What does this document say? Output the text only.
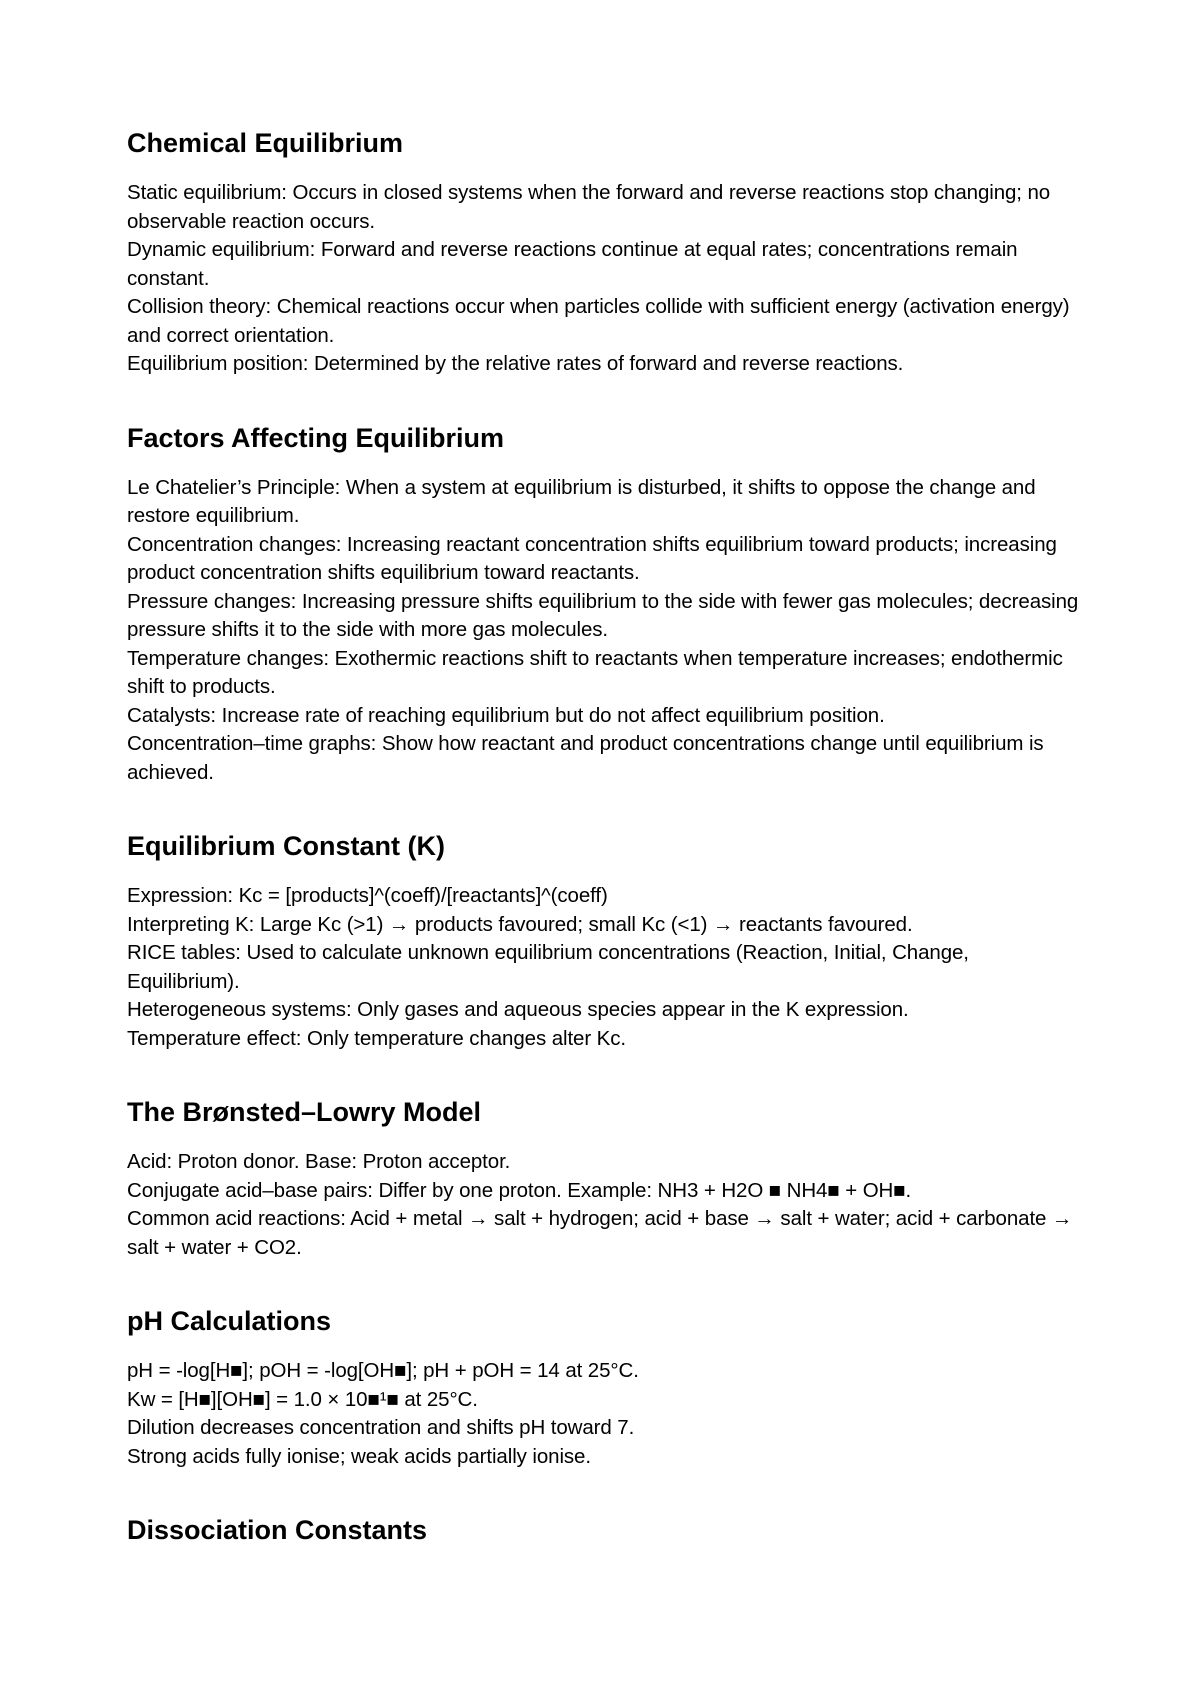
Chemical Equilibrium

Static equilibrium: Occurs in closed systems when the forward and reverse reactions stop changing; no observable reaction occurs.

Dynamic equilibrium: Forward and reverse reactions continue at equal rates; concentrations remain constant.

Collision theory: Chemical reactions occur when particles collide with sufficient energy (activation energy) and correct orientation.

Equilibrium position: Determined by the relative rates of forward and reverse reactions.

Factors Affecting Equilibrium

Le Chatelier’s Principle: When a system at equilibrium is disturbed, it shifts to oppose the change and restore equilibrium.

Concentration changes: Increasing reactant concentration shifts equilibrium toward products; increasing product concentration shifts equilibrium toward reactants.

Pressure changes: Increasing pressure shifts equilibrium to the side with fewer gas molecules; decreasing pressure shifts it to the side with more gas molecules.

Temperature changes: Exothermic reactions shift to reactants when temperature increases; endothermic shift to products.

Catalysts: Increase rate of reaching equilibrium but do not affect equilibrium position.

Concentration–time graphs: Show how reactant and product concentrations change until equilibrium is achieved.

Equilibrium Constant (K)

Expression: Kc = [products]^(coeff)/[reactants]^(coeff)

Interpreting K: Large Kc (>1) → products favoured; small Kc (<1) → reactants favoured.

RICE tables: Used to calculate unknown equilibrium concentrations (Reaction, Initial, Change, Equilibrium).

Heterogeneous systems: Only gases and aqueous species appear in the K expression.

Temperature effect: Only temperature changes alter Kc.

The Brønsted–Lowry Model

Acid: Proton donor. Base: Proton acceptor.

Conjugate acid–base pairs: Differ by one proton. Example: NH3 + H2O ■ NH4■ + OH■.

Common acid reactions: Acid + metal → salt + hydrogen; acid + base → salt + water; acid + carbonate → salt + water + CO2.

pH Calculations

pH = -log[H■]; pOH = -log[OH■]; pH + pOH = 14 at 25°C.

Kw = [H■][OH■] = 1.0 × 10■¹■ at 25°C.

Dilution decreases concentration and shifts pH toward 7.

Strong acids fully ionise; weak acids partially ionise.

Dissociation Constants
